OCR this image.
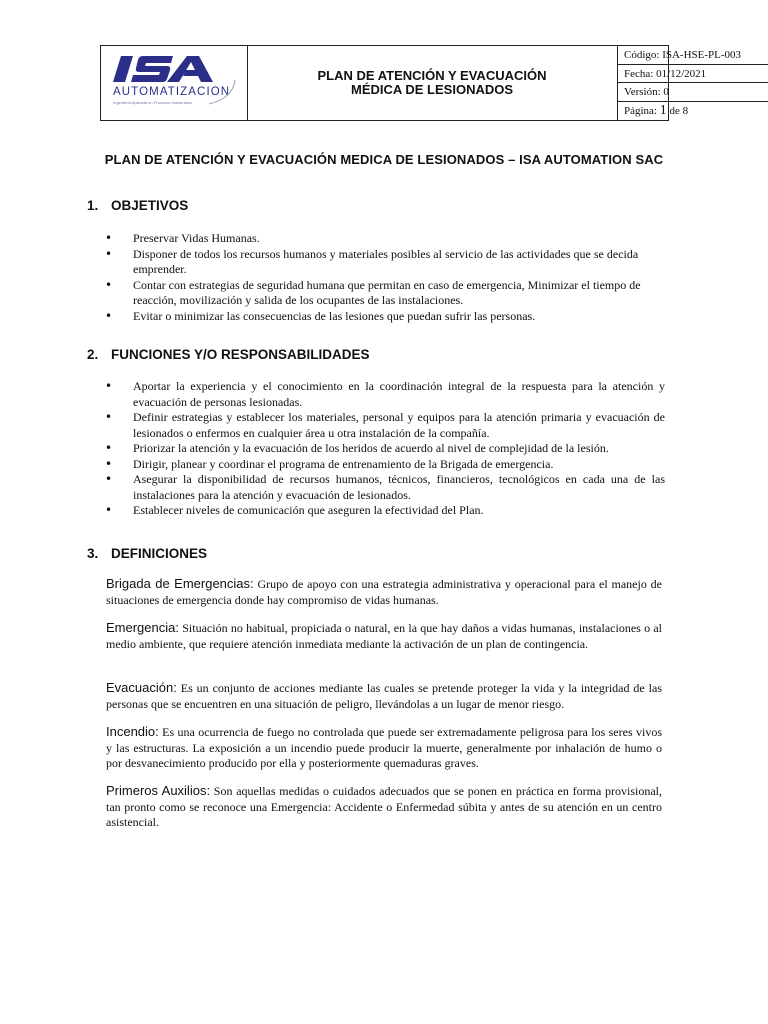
AUTOMATIZACION
Ingeniería Aplicada en Procesos Industriales
PLAN DE ATENCIÓN Y EVACUACIÓN
MÉDICA DE LESIONADOS
Código: ISA-HSE-PL-003
Fecha: 01/12/2021
Versión: 0
Página: 1 de 8
PLAN DE ATENCIÓN Y EVACUACIÓN MEDICA DE LESIONADOS – ISA AUTOMATION SAC
1. OBJETIVOS
• Preservar Vidas Humanas.
• Disponer de todos los recursos humanos y materiales posibles al servicio de las actividades que se decida emprender.
• Contar con estrategias de seguridad humana que permitan en caso de emergencia, Minimizar el tiempo de reacción, movilización y salida de los ocupantes de las instalaciones.
• Evitar o minimizar las consecuencias de las lesiones que puedan sufrir las personas.
2. FUNCIONES Y/O RESPONSABILIDADES
• Aportar la experiencia y el conocimiento en la coordinación integral de la respuesta para la atención y evacuación de personas lesionadas.
• Definir estrategias y establecer los materiales, personal y equipos para la atención primaria y evacuación de lesionados o enfermos en cualquier área u otra instalación de la compañía.
• Priorizar la atención y la evacuación de los heridos de acuerdo al nivel de complejidad de la lesión.
• Dirigir, planear y coordinar el programa de entrenamiento de la Brigada de emergencia.
• Asegurar la disponibilidad de recursos humanos, técnicos, financieros, tecnológicos en cada una de las instalaciones para la atención y evacuación de lesionados.
• Establecer niveles de comunicación que aseguren la efectividad del Plan.
3. DEFINICIONES
Brigada de Emergencias: Grupo de apoyo con una estrategia administrativa y operacional para el manejo de situaciones de emergencia donde hay compromiso de vidas humanas.
Emergencia: Situación no habitual, propiciada o natural, en la que hay daños a vidas humanas, instalaciones o al medio ambiente, que requiere atención inmediata mediante la activación de un plan de contingencia.
Evacuación: Es un conjunto de acciones mediante las cuales se pretende proteger la vida y la integridad de las personas que se encuentren en una situación de peligro, llevándolas a un lugar de menor riesgo.
Incendio: Es una ocurrencia de fuego no controlada que puede ser extremadamente peligrosa para los seres vivos y las estructuras. La exposición a un incendio puede producir la muerte, generalmente por inhalación de humo o por desvanecimiento producido por ella y posteriormente quemaduras graves.
Primeros Auxilios: Son aquellas medidas o cuidados adecuados que se ponen en práctica en forma provisional, tan pronto como se reconoce una Emergencia: Accidente o Enfermedad súbita y antes de su atención en un centro asistencial.
